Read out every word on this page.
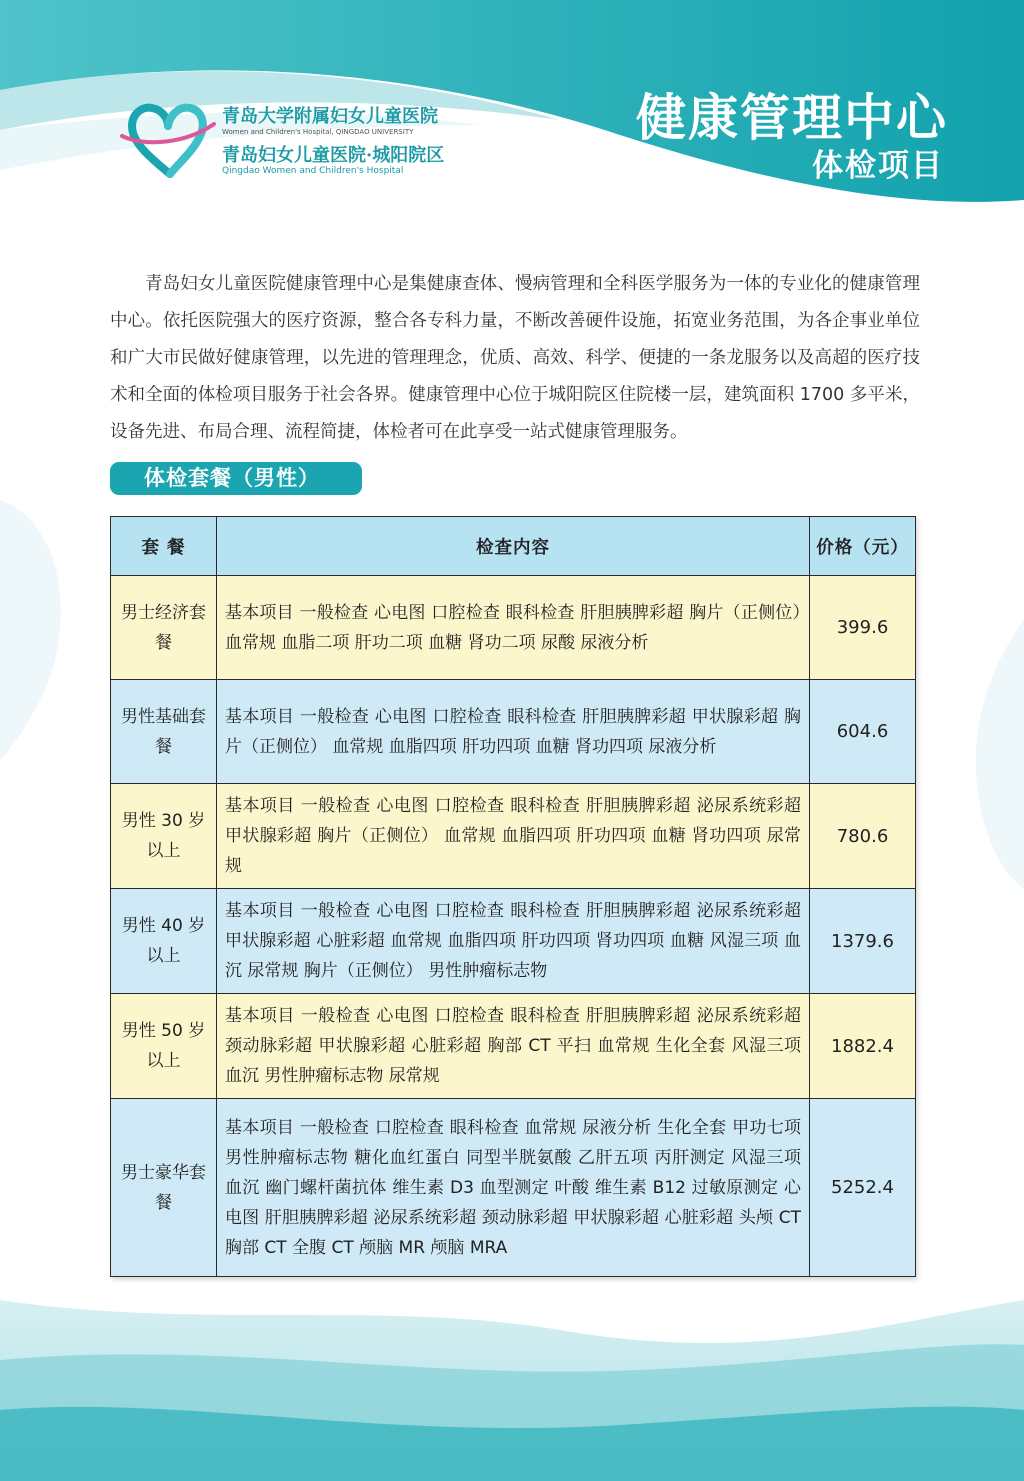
青岛大学附属妇女儿童医院
Women and Children's Hospital, QINGDAO UNIVERSITY
青岛妇女儿童医院·城阳院区
Qingdao Women and Children's Hospital
健康管理中心
体检项目

青岛妇女儿童医院健康管理中心是集健康查体、慢病管理和全科医学服务为一体的专业化的健康管理中心。依托医院强大的医疗资源，整合各专科力量，不断改善硬件设施，拓宽业务范围，为各企事业单位和广大市民做好健康管理，以先进的管理理念，优质、高效、科学、便捷的一条龙服务以及高超的医疗技术和全面的体检项目服务于社会各界。健康管理中心位于城阳院区住院楼一层，建筑面积 1700 多平米，设备先进、布局合理、流程简捷，体检者可在此享受一站式健康管理服务。

体检套餐（男性）
套 餐	检查内容	价格（元）
男士经济套餐	基本项目 一般检查 心电图 口腔检查 眼科检查 肝胆胰脾彩超 胸片（正侧位）血常规 血脂二项 肝功二项 血糖 肾功二项 尿酸 尿液分析	399.6
男性基础套餐	基本项目 一般检查 心电图 口腔检查 眼科检查 肝胆胰脾彩超 甲状腺彩超 胸片（正侧位） 血常规 血脂四项 肝功四项 血糖 肾功四项 尿液分析	604.6
男性 30 岁以上	基本项目 一般检查 心电图 口腔检查 眼科检查 肝胆胰脾彩超 泌尿系统彩超 甲状腺彩超 胸片（正侧位） 血常规 血脂四项 肝功四项 血糖 肾功四项 尿常规	780.6
男性 40 岁以上	基本项目 一般检查 心电图 口腔检查 眼科检查 肝胆胰脾彩超 泌尿系统彩超 甲状腺彩超 心脏彩超 血常规 血脂四项 肝功四项 肾功四项 血糖 风湿三项 血沉 尿常规 胸片（正侧位） 男性肿瘤标志物	1379.6
男性 50 岁以上	基本项目 一般检查 心电图 口腔检查 眼科检查 肝胆胰脾彩超 泌尿系统彩超 颈动脉彩超 甲状腺彩超 心脏彩超 胸部 CT 平扫 血常规 生化全套 风湿三项 血沉 男性肿瘤标志物 尿常规	1882.4
男士豪华套餐	基本项目 一般检查 口腔检查 眼科检查 血常规 尿液分析 生化全套 甲功七项 男性肿瘤标志物 糖化血红蛋白 同型半胱氨酸 乙肝五项 丙肝测定 风湿三项 血沉 幽门螺杆菌抗体 维生素 D3 血型测定 叶酸 维生素 B12 过敏原测定 心电图 肝胆胰脾彩超 泌尿系统彩超 颈动脉彩超 甲状腺彩超 心脏彩超 头颅 CT 胸部 CT 全腹 CT 颅脑 MR 颅脑 MRA	5252.4
